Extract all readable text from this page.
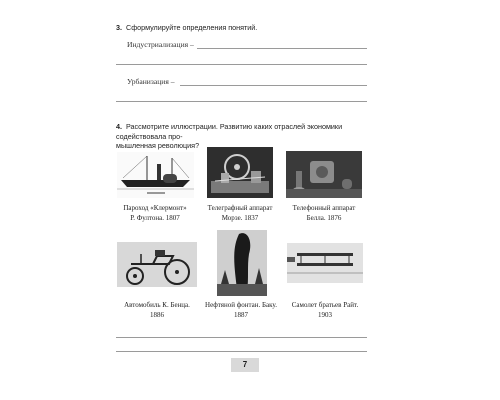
3. Сформулируйте определения понятий.
Индустриализация –
Урбанизация –
4. Рассмотрите иллюстрации. Развитию каких отраслей экономики содействовала про-
мышленная революция?
Пароход «Клермонт»
Р. Фултона. 1807
Телеграфный аппарат
Морзе. 1837
Телефонный аппарат
Белла. 1876
Автомобиль К. Бенца.
1886
Нефтяной фонтан. Баку.
1887
Самолет братьев Райт.
1903
7
